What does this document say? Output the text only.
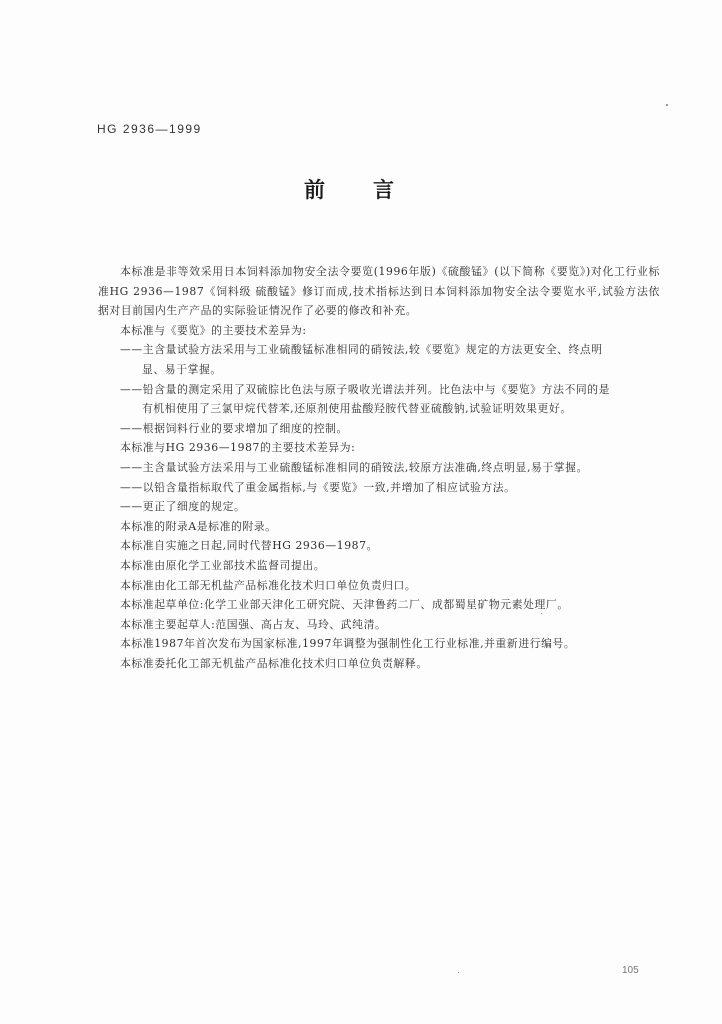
HG 2936—1999
前言

本标准是非等效采用日本饲料添加物安全法令要览(1996年版)《硫酸锰》(以下简称《要览》)对化工行业标准HG 2936—1987《饲料级 硫酸锰》修订而成,技术指标达到日本饲料添加物安全法令要览水平,试验方法依据对目前国内生产产品的实际验证情况作了必要的修改和补充。

本标准与《要览》的主要技术差异为:

——主含量试验方法采用与工业硫酸锰标准相同的硝铵法,较《要览》规定的方法更安全、终点明

显、易于掌握。

——铅含量的测定采用了双硫腙比色法与原子吸收光谱法并列。比色法中与《要览》方法不同的是

有机相使用了三氯甲烷代替苯,还原剂使用盐酸羟胺代替亚硫酸钠,试验证明效果更好。

——根据饲料行业的要求增加了细度的控制。

本标准与HG 2936—1987的主要技术差异为:

——主含量试验方法采用与工业硫酸锰标准相同的硝铵法,较原方法准确,终点明显,易于掌握。

——以铅含量指标取代了重金属指标,与《要览》一致,并增加了相应试验方法。

——更正了细度的规定。

本标准的附录A是标准的附录。

本标准自实施之日起,同时代替HG 2936—1987。

本标准由原化学工业部技术监督司提出。

本标准由化工部无机盐产品标准化技术归口单位负责归口。

本标准起草单位:化学工业部天津化工研究院、天津鲁药二厂、成都蜀星矿物元素处理厂。

本标准主要起草人:范国强、高占友、马玲、武纯清。

本标准1987年首次发布为国家标准,1997年调整为强制性化工行业标准,并重新进行编号。

本标准委托化工部无机盐产品标准化技术归口单位负责解释。

105
